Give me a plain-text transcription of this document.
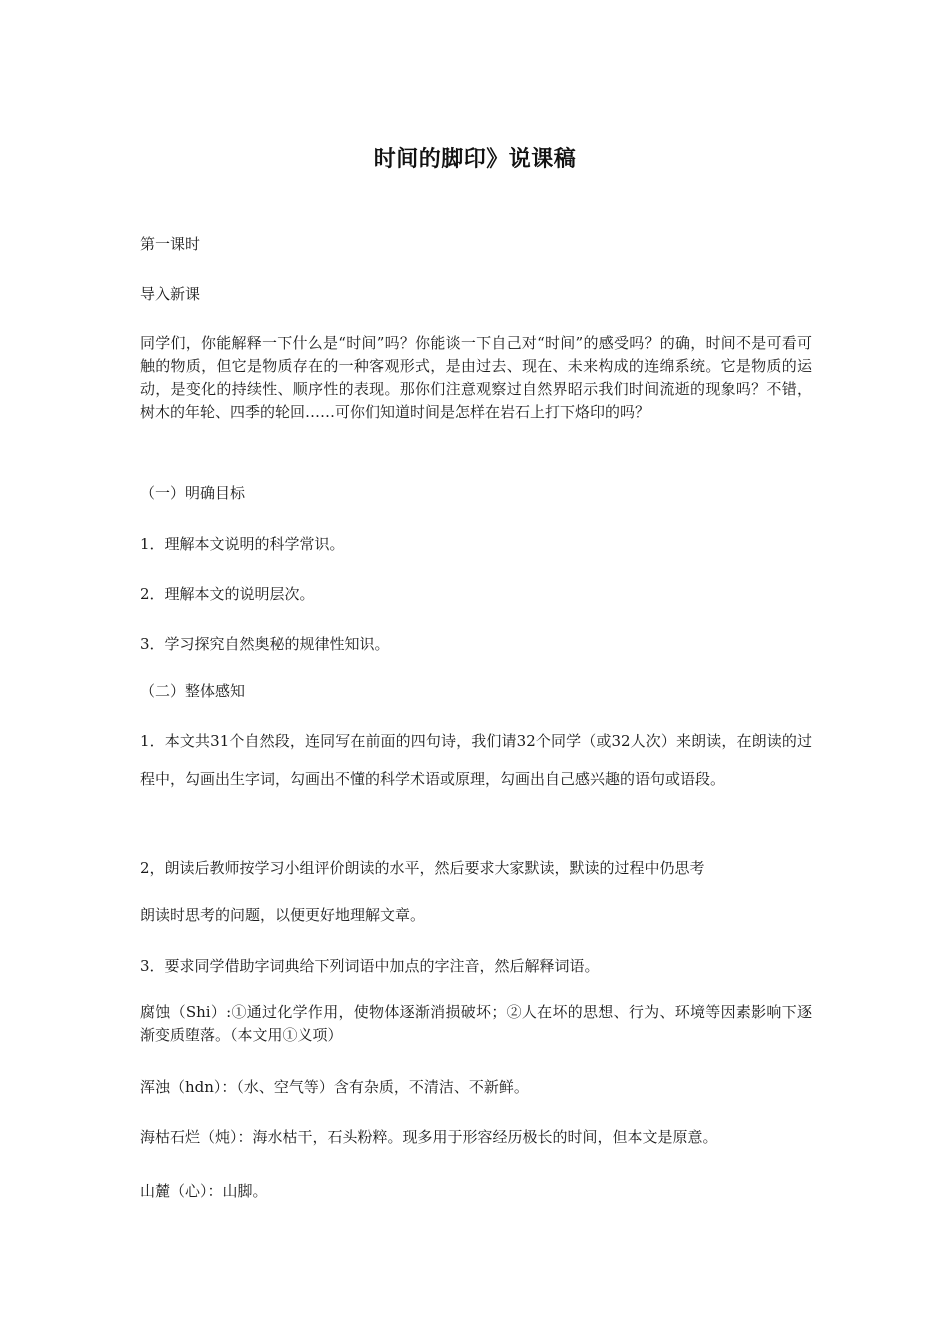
时间的脚印》说课稿

第一课时

导入新课

同学们，你能解释一下什么是“时间”吗？你能谈一下自己对“时间”的感受吗？的确，时间不是可看可触的物质，但它是物质存在的一种客观形式，是由过去、现在、未来构成的连绵系统。它是物质的运动，是变化的持续性、顺序性的表现。那你们注意观察过自然界昭示我们时间流逝的现象吗？不错，树木的年轮、四季的轮回……可你们知道时间是怎样在岩石上打下烙印的吗？

（一）明确目标

1．理解本文说明的科学常识。

2．理解本文的说明层次。

3．学习探究自然奥秘的规律性知识。

（二）整体感知

1．本文共31个自然段，连同写在前面的四句诗，我们请32个同学（或32人次）来朗读，在朗读的过程中，勾画出生字词，勾画出不懂的科学术语或原理，勾画出自己感兴趣的语句或语段。

2，朗读后教师按学习小组评价朗读的水平，然后要求大家默读，默读的过程中仍思考

朗读时思考的问题，以便更好地理解文章。

3．要求同学借助字词典给下列词语中加点的字注音，然后解释词语。

腐蚀（Shi）:①通过化学作用，使物体逐渐消损破坏；②人在坏的思想、行为、环境等因素影响下逐渐变质堕落。（本文用①义项）

浑浊（hdn）：（水、空气等）含有杂质，不清洁、不新鲜。

海枯石烂（炖）：海水枯干，石头粉粹。现多用于形容经历极长的时间，但本文是原意。

山麓（心）：山脚。
